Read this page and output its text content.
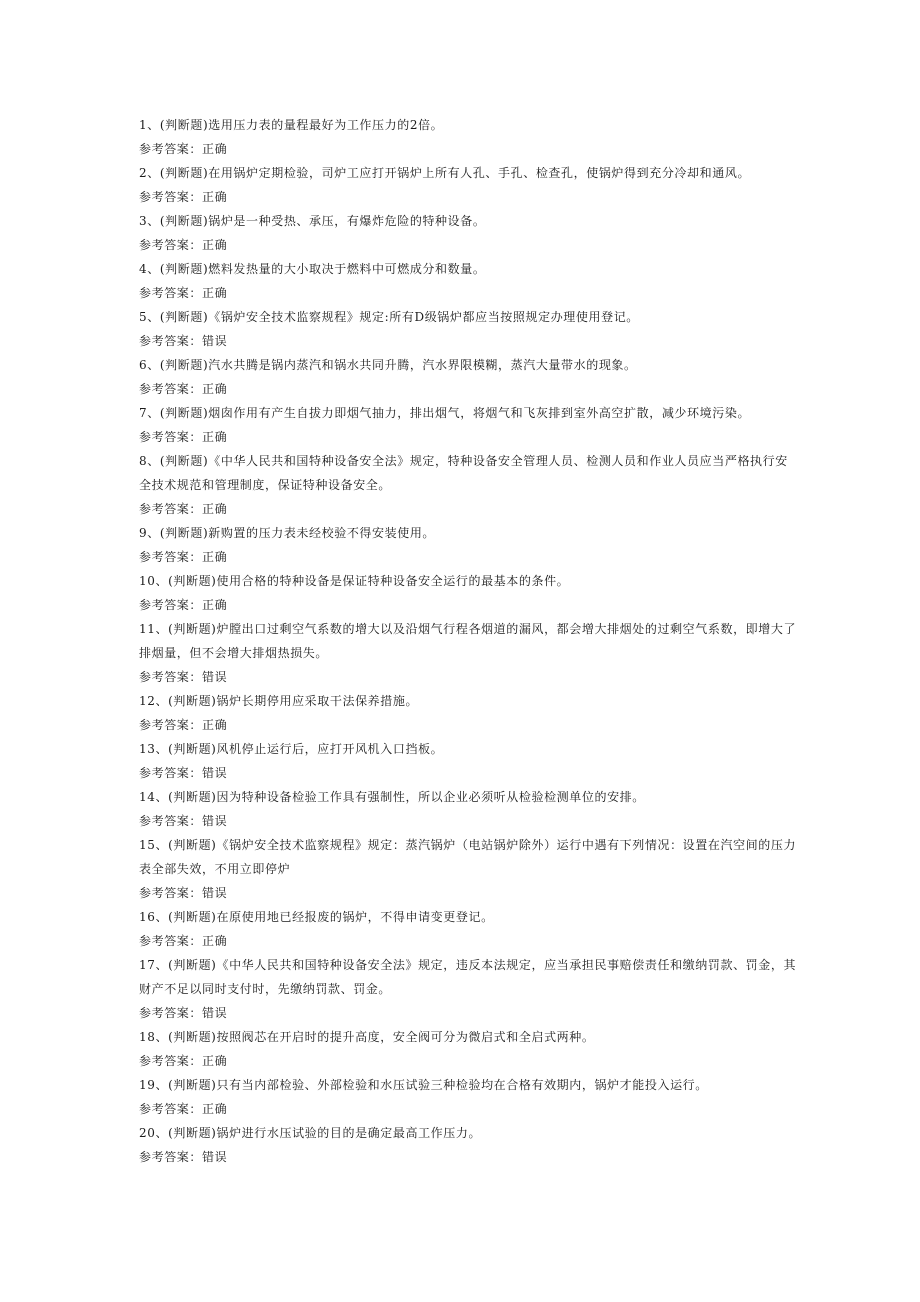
1、(判断题)选用压力表的量程最好为工作压力的2倍。

参考答案：正确

2、(判断题)在用锅炉定期检验，司炉工应打开锅炉上所有人孔、手孔、检查孔，使锅炉得到充分冷却和通风。

参考答案：正确

3、(判断题)锅炉是一种受热、承压，有爆炸危险的特种设备。

参考答案：正确

4、(判断题)燃料发热量的大小取决于燃料中可燃成分和数量。

参考答案：正确

5、(判断题)《锅炉安全技术监察规程》规定:所有D级锅炉都应当按照规定办理使用登记。

参考答案：错误

6、(判断题)汽水共腾是锅内蒸汽和锅水共同升腾，汽水界限模糊，蒸汽大量带水的现象。

参考答案：正确

7、(判断题)烟囱作用有产生自拔力即烟气抽力，排出烟气，将烟气和飞灰排到室外高空扩散，减少环境污染。

参考答案：正确

8、(判断题)《中华人民共和国特种设备安全法》规定，特种设备安全管理人员、检测人员和作业人员应当严格执行安全技术规范和管理制度，保证特种设备安全。

参考答案：正确

9、(判断题)新购置的压力表未经校验不得安装使用。

参考答案：正确

10、(判断题)使用合格的特种设备是保证特种设备安全运行的最基本的条件。

参考答案：正确

11、(判断题)炉膛出口过剩空气系数的增大以及沿烟气行程各烟道的漏风，都会增大排烟处的过剩空气系数，即增大了排烟量，但不会增大排烟热损失。

参考答案：错误

12、(判断题)锅炉长期停用应采取干法保养措施。

参考答案：正确

13、(判断题)风机停止运行后，应打开风机入口挡板。

参考答案：错误

14、(判断题)因为特种设备检验工作具有强制性，所以企业必须听从检验检测单位的安排。

参考答案：错误

15、(判断题)《锅炉安全技术监察规程》规定：蒸汽锅炉（电站锅炉除外）运行中遇有下列情况：设置在汽空间的压力表全部失效，不用立即停炉

参考答案：错误

16、(判断题)在原使用地已经报废的锅炉，不得申请变更登记。

参考答案：正确

17、(判断题)《中华人民共和国特种设备安全法》规定，违反本法规定，应当承担民事赔偿责任和缴纳罚款、罚金，其财产不足以同时支付时，先缴纳罚款、罚金。

参考答案：错误

18、(判断题)按照阀芯在开启时的提升高度，安全阀可分为微启式和全启式两种。

参考答案：正确

19、(判断题)只有当内部检验、外部检验和水压试验三种检验均在合格有效期内，锅炉才能投入运行。

参考答案：正确

20、(判断题)锅炉进行水压试验的目的是确定最高工作压力。

参考答案：错误
